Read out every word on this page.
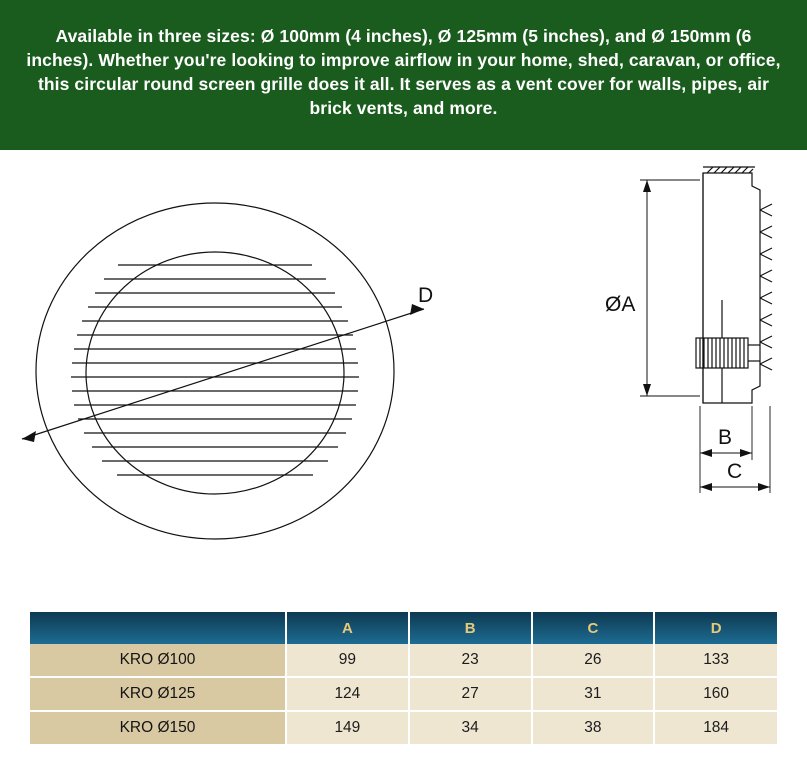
Available in three sizes: Ø 100mm (4 inches), Ø 125mm (5 inches), and Ø 150mm (6 inches). Whether you're looking to improve airflow in your home, shed, caravan, or office, this circular round screen grille does it all. It serves as a vent cover for walls, pipes, air brick vents, and more.
D	ØA
B
C
	A	B	C	D
KRO Ø100	99	23	26	133
KRO Ø125	124	27	31	160
KRO Ø150	149	34	38	184
